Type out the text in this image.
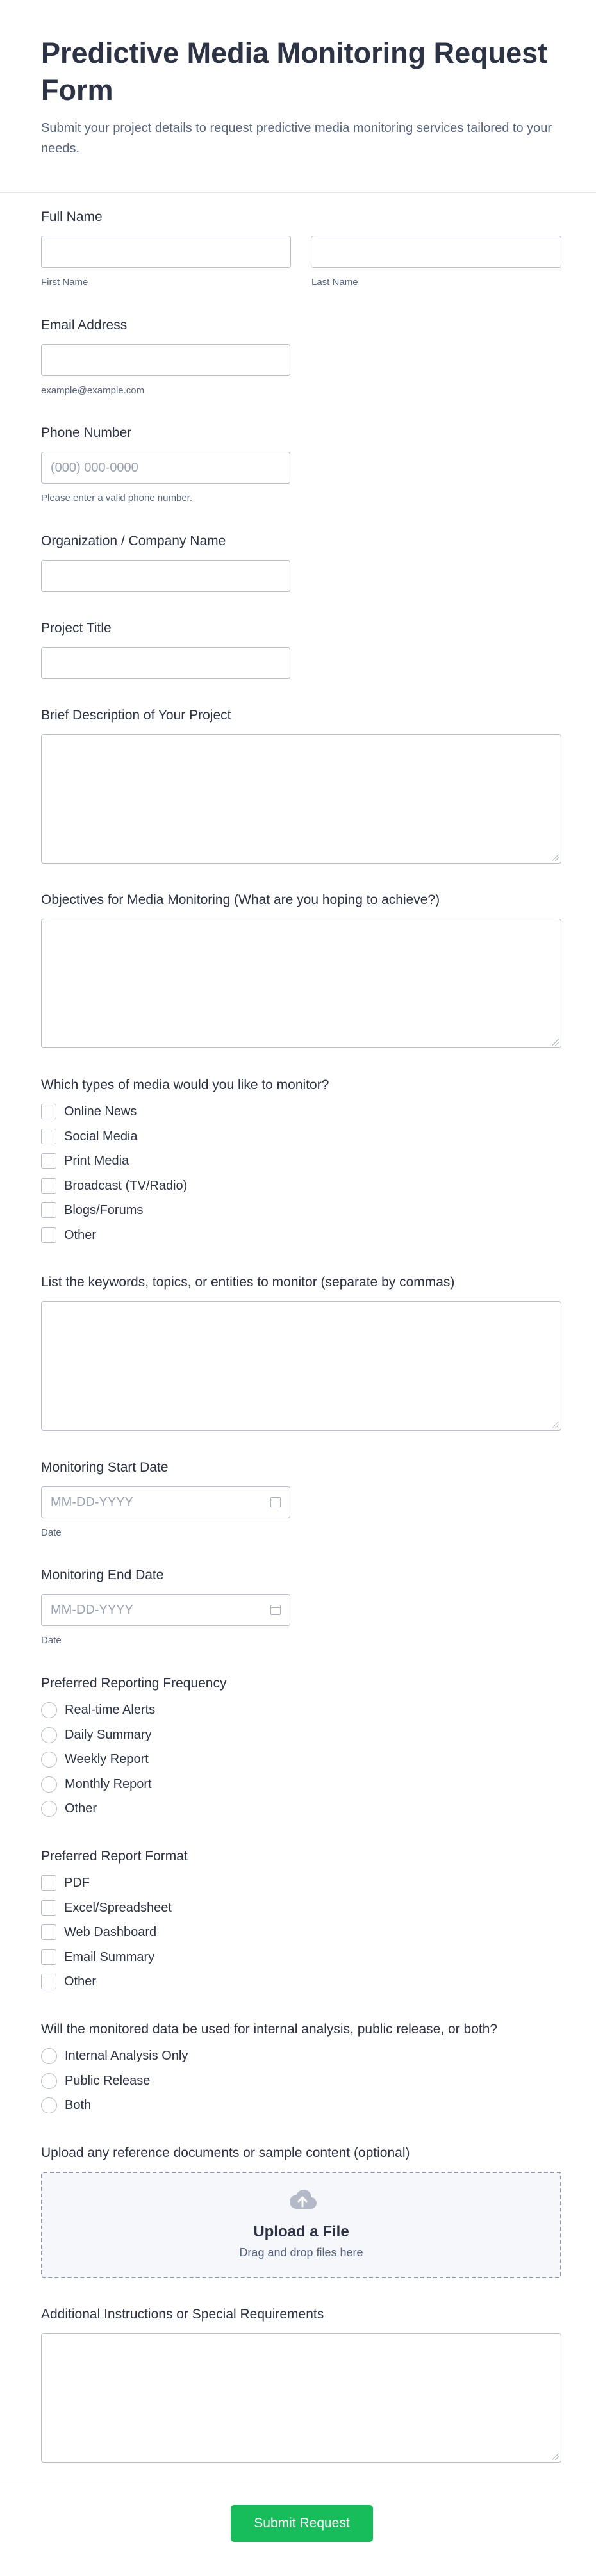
Predictive Media Monitoring Request Form

Submit your project details to request predictive media monitoring services tailored to your needs.

Full Name
First Name	Last Name
Email Address
example@example.com
Phone Number
(000) 000-0000
Please enter a valid phone number.
Organization / Company Name
Project Title
Brief Description of Your Project
Objectives for Media Monitoring (What are you hoping to achieve?)
Which types of media would you like to monitor?
Online News
Social Media
Print Media
Broadcast (TV/Radio)
Blogs/Forums
Other
List the keywords, topics, or entities to monitor (separate by commas)
Monitoring Start Date
MM-DD-YYYY
Date
Monitoring End Date
MM-DD-YYYY
Date
Preferred Reporting Frequency
Real-time Alerts
Daily Summary
Weekly Report
Monthly Report
Other
Preferred Report Format
PDF
Excel/Spreadsheet
Web Dashboard
Email Summary
Other
Will the monitored data be used for internal analysis, public release, or both?
Internal Analysis Only
Public Release
Both
Upload any reference documents or sample content (optional)
Upload a File
Drag and drop files here
Additional Instructions or Special Requirements
Submit Request
